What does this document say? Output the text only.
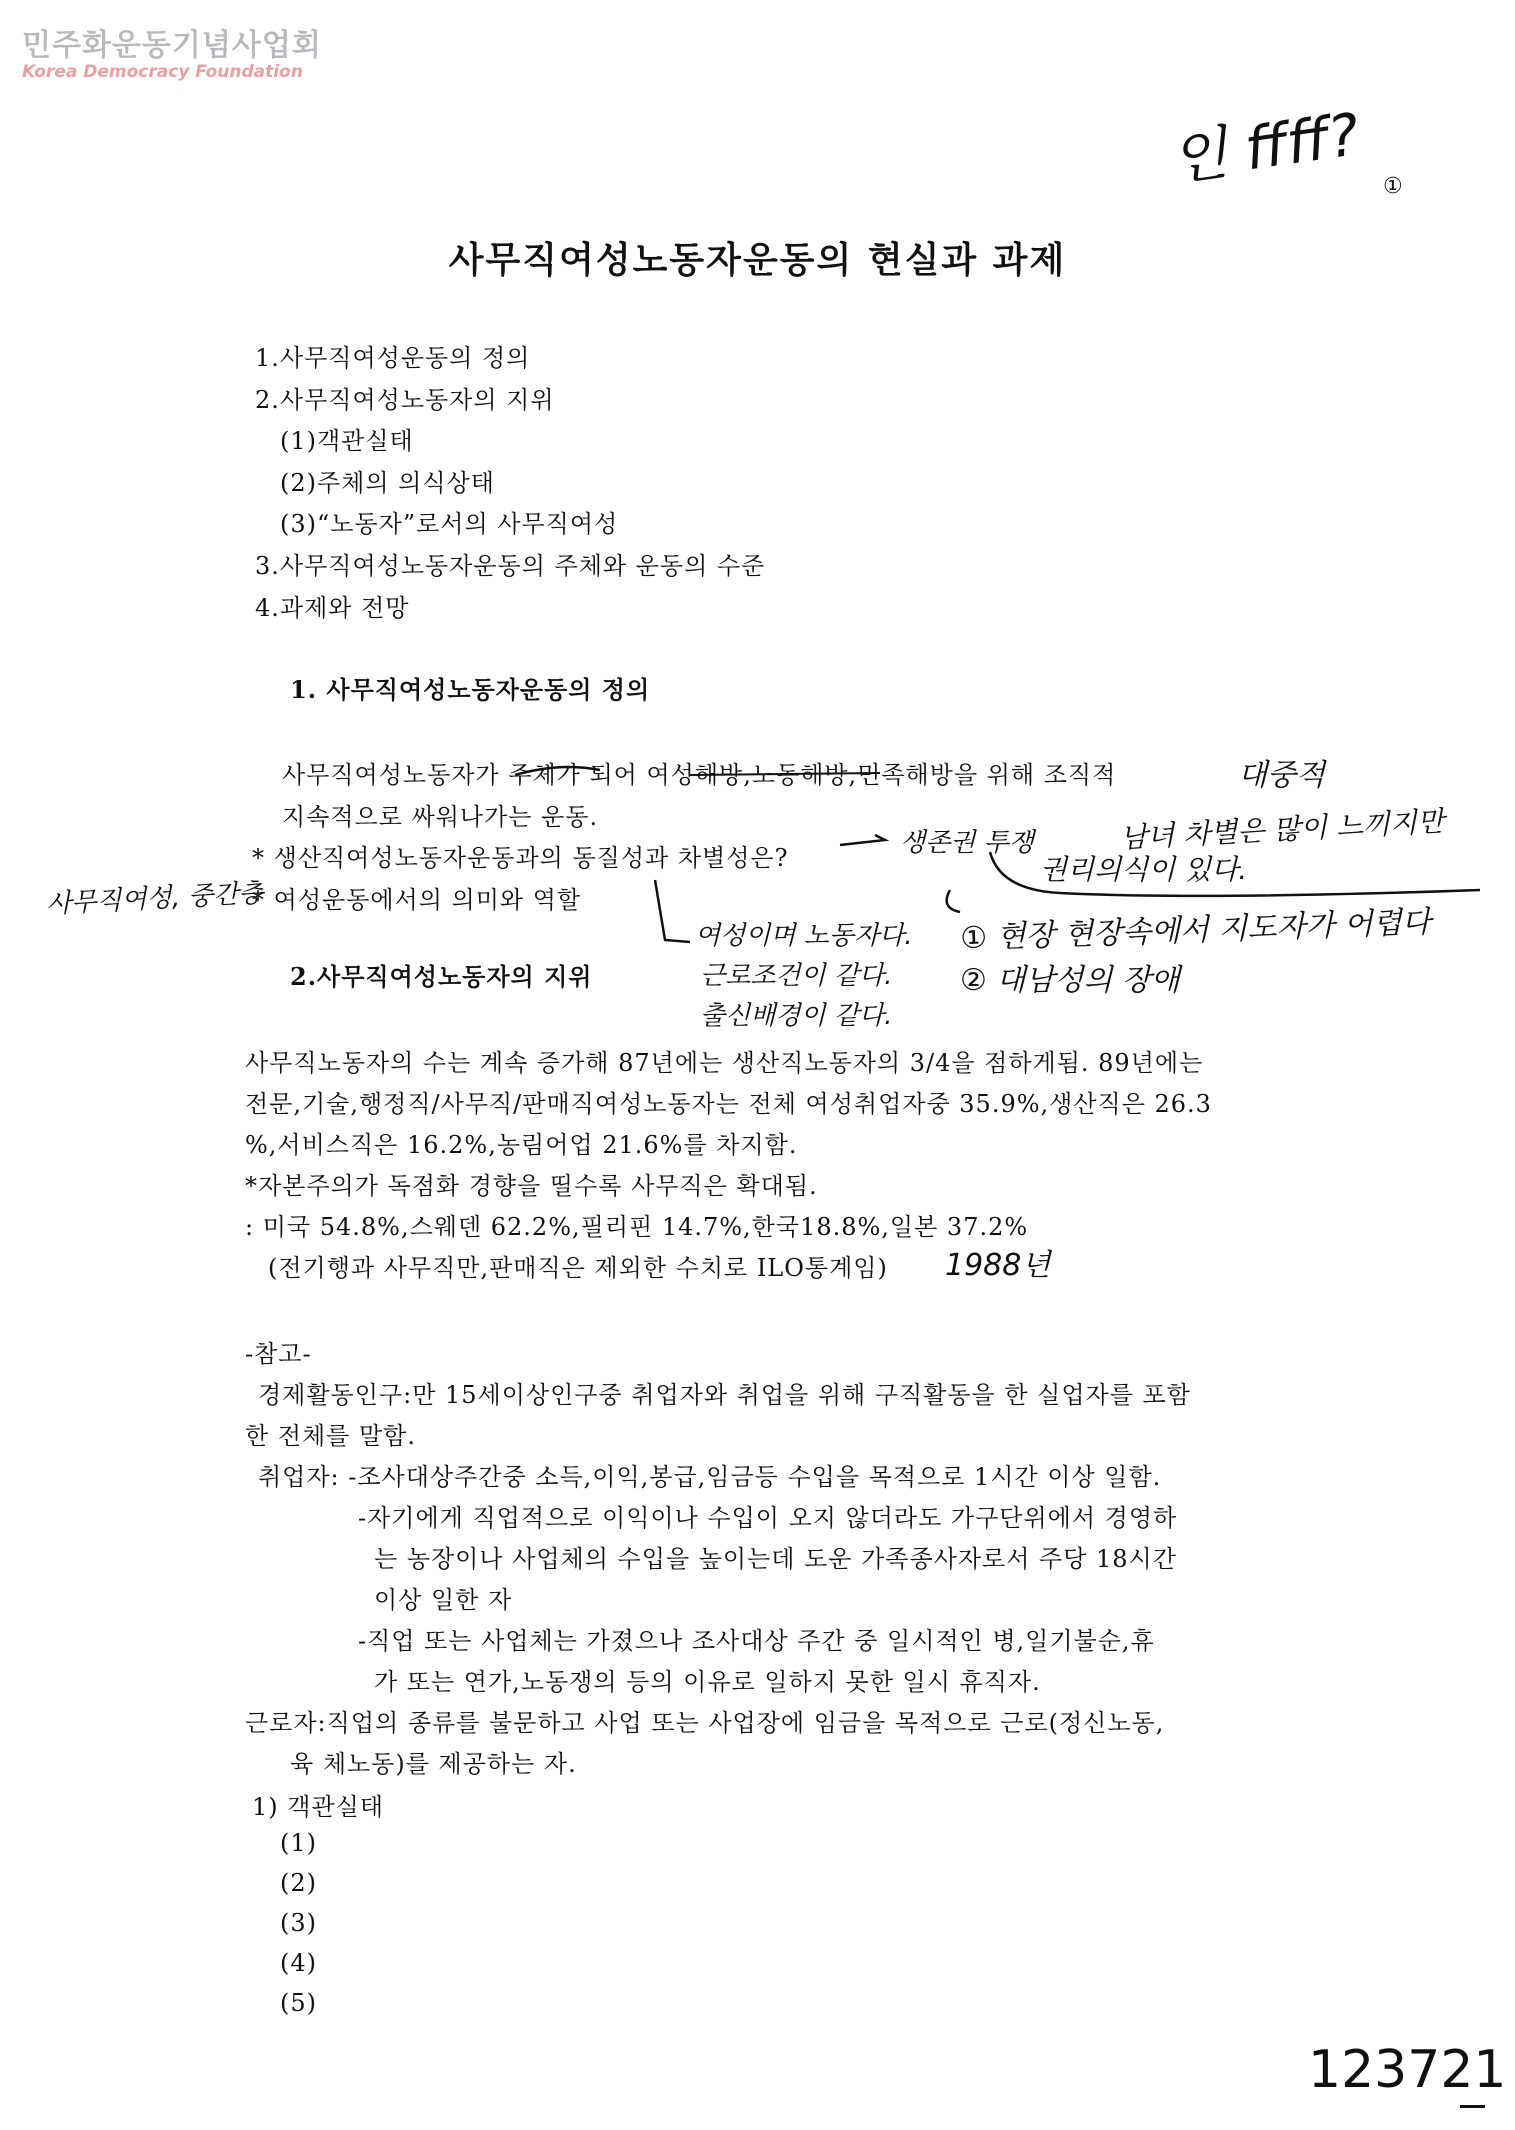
민주화운동기념사업회
Korea Democracy Foundation
인 ffff? ①
사무직여성노동자운동의 현실과 과제
1.사무직여성운동의 정의
2.사무직여성노동자의 지위
(1)객관실태
(2)주체의 의식상태
(3)“노동자”로서의 사무직여성
3.사무직여성노동자운동의 주체와 운동의 수준
4.과제와 전망
1. 사무직여성노동자운동의 정의
사무직여성노동자가 주체가 되어 여성해방,노동해방,민족해방을 위해 조직적
지속적으로 싸워나가는 운동.
* 생산직여성노동자운동과의 동질성과 차별성은?
* 여성운동에서의 의미와 역할
대중적
생존권 투쟁	남녀 차별은 많이 느끼지만
권리의식이 있다.
사무직여성, 중간층
여성이며 노동자다.
근로조건이 같다.
출신배경이 같다.
① 현장 현장속에서 지도자가 어렵다
② 대남성의 장애
2.사무직여성노동자의 지위
사무직노동자의 수는 계속 증가해 87년에는 생산직노동자의 3/4을 점하게됨. 89년에는
전문,기술,행정직/사무직/판매직여성노동자는 전체 여성취업자중 35.9%,생산직은 26.3
%,서비스직은 16.2%,농림어업 21.6%를 차지함.
*자본주의가 독점화 경향을 띨수록 사무직은 확대됨.
: 미국 54.8%,스웨덴 62.2%,필리핀 14.7%,한국18.8%,일본 37.2%
(전기행과 사무직만,판매직은 제외한 수치로 ILO통계임) 1988년
-참고-
경제활동인구:만 15세이상인구중 취업자와 취업을 위해 구직활동을 한 실업자를 포함
한 전체를 말함.
취업자: -조사대상주간중 소득,이익,봉급,임금등 수입을 목적으로 1시간 이상 일함.
-자기에게 직업적으로 이익이나 수입이 오지 않더라도 가구단위에서 경영하
는 농장이나 사업체의 수입을 높이는데 도운 가족종사자로서 주당 18시간
이상 일한 자
-직업 또는 사업체는 가졌으나 조사대상 주간 중 일시적인 병,일기불순,휴
가 또는 연가,노동쟁의 등의 이유로 일하지 못한 일시 휴직자.
근로자:직업의 종류를 불문하고 사업 또는 사업장에 임금을 목적으로 근로(정신노동,
육 체노동)를 제공하는 자.
1) 객관실태
(1)
(2)
(3)
(4)
(5)
123721
